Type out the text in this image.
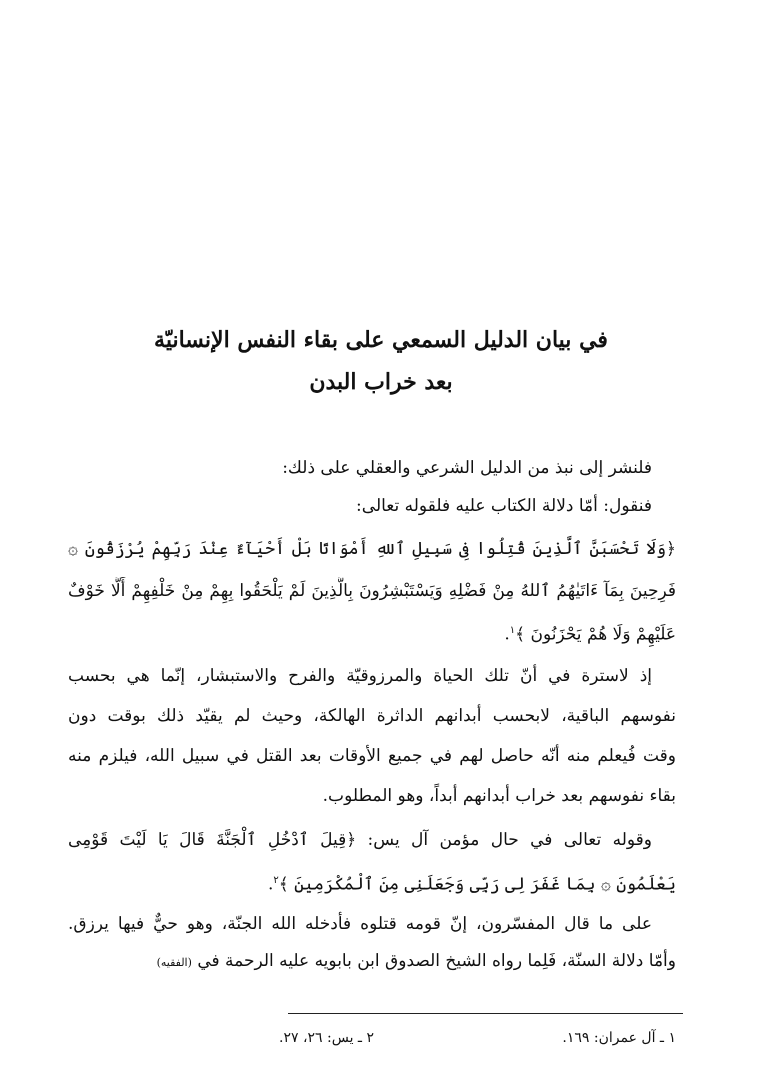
في بيان الدليل السمعي على بقاء النفس الإنسانيّة
بعد خراب البدن
فلنشر إلى نبذ من الدليل الشرعي والعقلي على ذلك:
فنقول: أمّا دلالة الكتاب عليه فلقوله تعالى:
﴿وَلَا تَحْسَبَنَّ ٱلَّذِينَ قُتِلُوا فِى سَبِيلِ ٱللهِ أَمْوَاتًا بَلْ أَحْيَآءٌ عِنْدَ رَبِّهِمْ يُرْزَقُونَ ۞
فَرِحِينَ بِمَآ ءَاتَيٰهُمُ ٱللهُ مِنْ فَضْلِهِ وَيَسْتَبْشِرُونَ بِالَّذِينَ لَمْ يَلْحَقُوا بِهِمْ مِنْ خَلْفِهِمْ أَلَّا خَوْفٌ
عَلَيْهِمْ وَلَا هُمْ يَحْزَنُونَ ﴾$^١$.
إذ لاسترة في أنّ تلك الحياة والمرزوقيّة والفرح والاستبشار، إنّما هي بحسب
نفوسهم الباقية، لابحسب أبدانهم الداثرة الهالكة، وحيث لم يقيّد ذلك بوقت دون
وقت فُيعلم منه أنّه حاصل لهم في جميع الأوقات بعد القتل في سبيل الله، فيلزم منه
بقاء نفوسهم بعد خراب أبدانهم أبداً، وهو المطلوب.
وقوله تعالى في حال مؤمن آل يس: ﴿قِيلَ ٱدْخُلِ ٱلْجَنَّةَ قَالَ يَا لَيْتَ قَوْمِى
يَعْلَمُونَ ۞ بِمَا غَفَرَ لِى رَبِّى وَجَعَلَنِى مِنَ ٱلْمُكْرَمِينَ ﴾$^٢$.
على ما قال المفسّرون، إنّ قومه قتلوه فأدخله الله الجنّة، وهو حيٌّ فيها يرزق.
وأمّا دلالة السنّة، فَلِما رواه الشيخ الصدوق ابن بابويه عليه الرحمة في (الفقيه)
١ ـ آل عمران: ١٦٩.
٢ ـ يس: ٢٦، ٢٧.
